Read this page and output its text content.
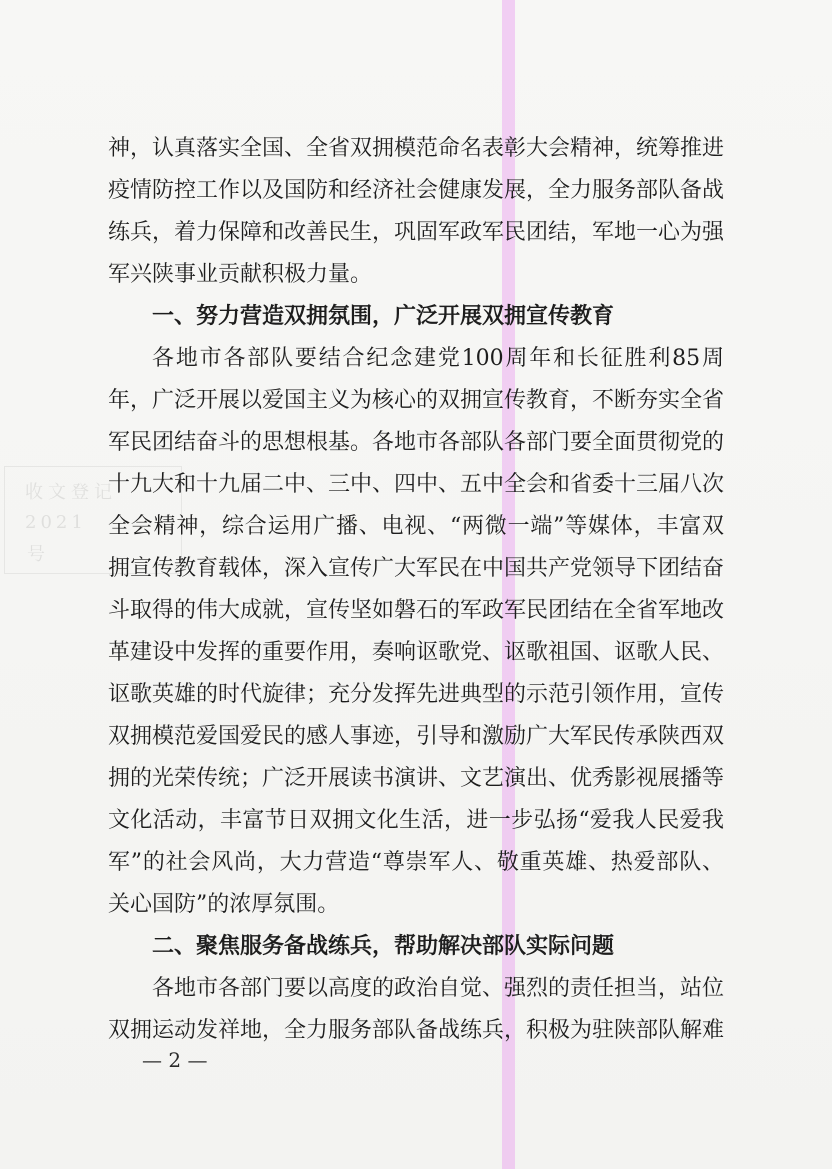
收文登记
2021
号

神，认真落实全国、全省双拥模范命名表彰大会精神，统筹推进疫情防控工作以及国防和经济社会健康发展，全力服务部队备战练兵，着力保障和改善民生，巩固军政军民团结，军地一心为强军兴陕事业贡献积极力量。

一、努力营造双拥氛围，广泛开展双拥宣传教育

各地市各部队要结合纪念建党100周年和长征胜利85周年，广泛开展以爱国主义为核心的双拥宣传教育，不断夯实全省军民团结奋斗的思想根基。各地市各部队各部门要全面贯彻党的十九大和十九届二中、三中、四中、五中全会和省委十三届八次全会精神，综合运用广播、电视、“两微一端”等媒体，丰富双拥宣传教育载体，深入宣传广大军民在中国共产党领导下团结奋斗取得的伟大成就，宣传坚如磐石的军政军民团结在全省军地改革建设中发挥的重要作用，奏响讴歌党、讴歌祖国、讴歌人民、讴歌英雄的时代旋律；充分发挥先进典型的示范引领作用，宣传双拥模范爱国爱民的感人事迹，引导和激励广大军民传承陕西双拥的光荣传统；广泛开展读书演讲、文艺演出、优秀影视展播等文化活动，丰富节日双拥文化生活，进一步弘扬“爱我人民爱我军”的社会风尚，大力营造“尊崇军人、敬重英雄、热爱部队、关心国防”的浓厚氛围。

二、聚焦服务备战练兵，帮助解决部队实际问题

各地市各部门要以高度的政治自觉、强烈的责任担当，站位双拥运动发祥地，全力服务部队备战练兵，积极为驻陕部队解难

— 2 —
